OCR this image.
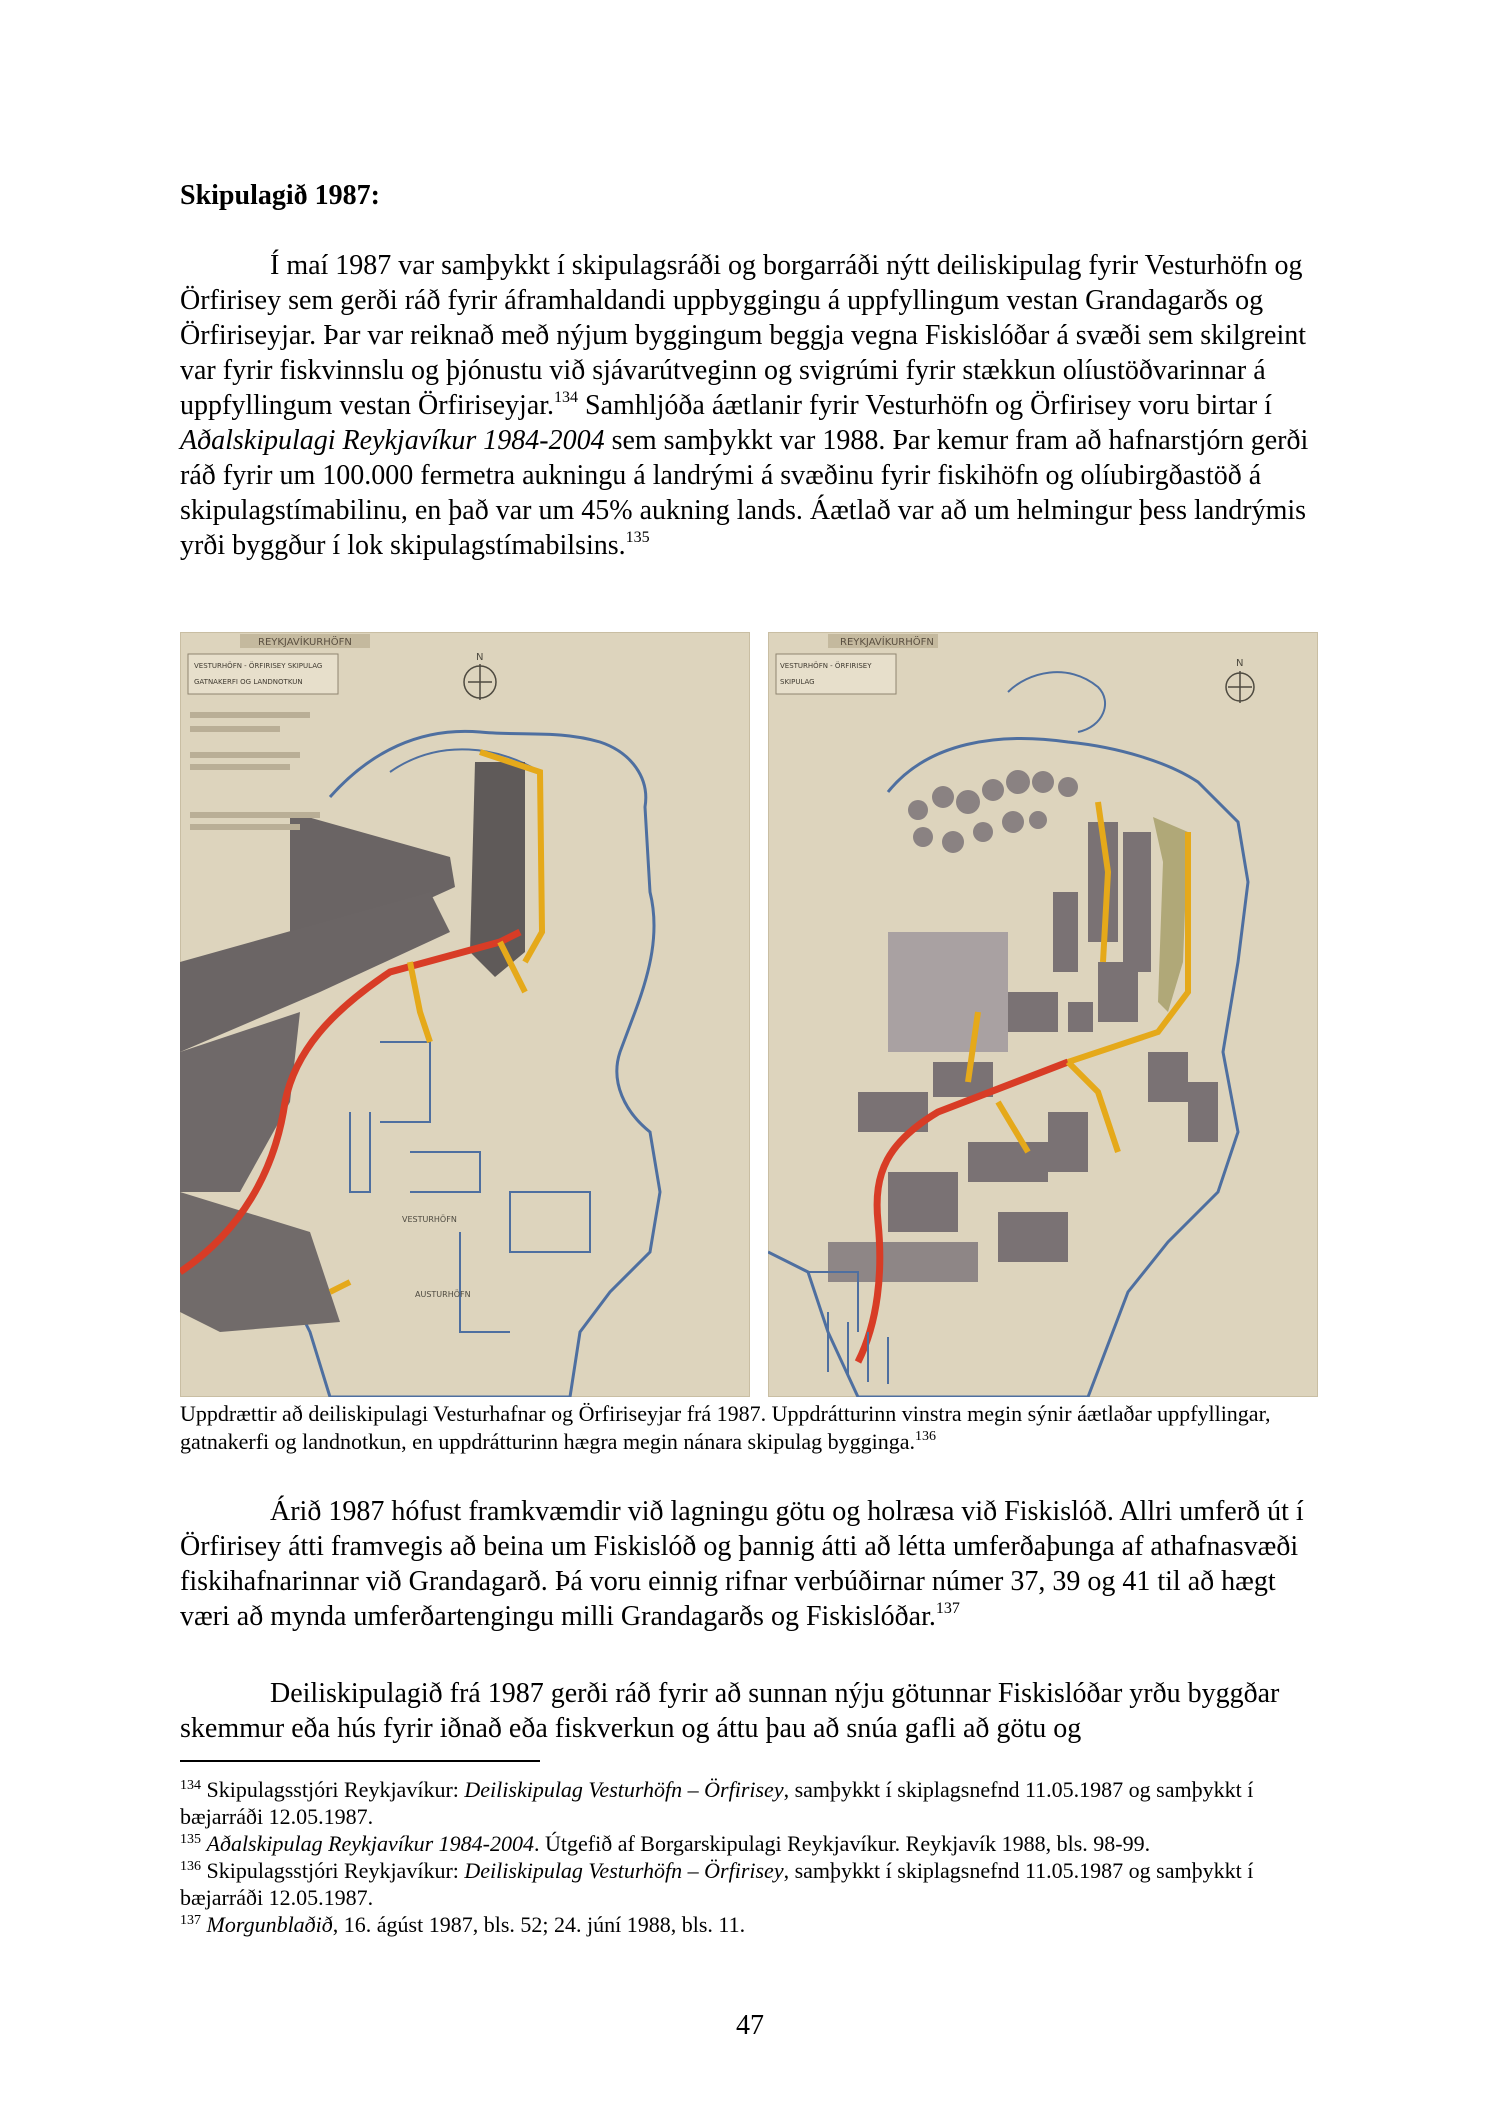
Skipulagið 1987:

Í maí 1987 var samþykkt í skipulagsráði og borgarráði nýtt deiliskipulag fyrir Vesturhöfn og Örfirisey sem gerði ráð fyrir áframhaldandi uppbyggingu á uppfyllingum vestan Grandagarðs og Örfiriseyjar. Þar var reiknað með nýjum byggingum beggja vegna Fiskislóðar á svæði sem skilgreint var fyrir fiskvinnslu og þjónustu við sjávarútveginn og svigrúmi fyrir stækkun olíustöðvarinnar á uppfyllingum vestan Örfiriseyjar.$^{134}$ Samhljóða áætlanir fyrir Vesturhöfn og Örfirisey voru birtar í Aðalskipulagi Reykjavíkur 1984-2004 sem samþykkt var 1988. Þar kemur fram að hafnarstjórn gerði ráð fyrir um 100.000 fermetra aukningu á landrými á svæðinu fyrir fiskihöfn og olíubirgðastöð á skipulagstímabilinu, en það var um 45% aukning lands. Áætlað var að um helmingur þess landrýmis yrði byggður í lok skipulagstímabilsins.$^{135}$

REYKJAVÍKURHÖFN
VESTURHÖFN - ÖRFIRISEY SKIPULAG
GATNAKERFI OG LANDNOTKUN
N
VESTURHÖFN
AUSTURHÖFN
REYKJAVÍKURHÖFN
VESTURHÖFN - ÖRFIRISEY
SKIPULAG
N

Uppdrættir að deiliskipulagi Vesturhafnar og Örfiriseyjar frá 1987. Uppdrátturinn vinstra megin sýnir áætlaðar uppfyllingar, gatnakerfi og landnotkun, en uppdrátturinn hægra megin nánara skipulag bygginga.$^{136}$

Árið 1987 hófust framkvæmdir við lagningu götu og holræsa við Fiskislóð. Allri umferð út í Örfirisey átti framvegis að beina um Fiskislóð og þannig átti að létta umferðaþunga af athafnasvæði fiskihafnarinnar við Grandagarð. Þá voru einnig rifnar verbúðirnar númer 37, 39 og 41 til að hægt væri að mynda umferðartengingu milli Grandagarðs og Fiskislóðar.$^{137}$

Deiliskipulagið frá 1987 gerði ráð fyrir að sunnan nýju götunnar Fiskislóðar yrðu byggðar skemmur eða hús fyrir iðnað eða fiskverkun og áttu þau að snúa gafli að götu og

$^{134}$ Skipulagsstjóri Reykjavíkur: Deiliskipulag Vesturhöfn – Örfirisey, samþykkt í skiplagsnefnd 11.05.1987 og samþykkt í bæjarráði 12.05.1987.
$^{135}$ Aðalskipulag Reykjavíkur 1984-2004. Útgefið af Borgarskipulagi Reykjavíkur. Reykjavík 1988, bls. 98-99.
$^{136}$ Skipulagsstjóri Reykjavíkur: Deiliskipulag Vesturhöfn – Örfirisey, samþykkt í skiplagsnefnd 11.05.1987 og samþykkt í bæjarráði 12.05.1987.
$^{137}$ Morgunblaðið, 16. ágúst 1987, bls. 52; 24. júní 1988, bls. 11.
47
